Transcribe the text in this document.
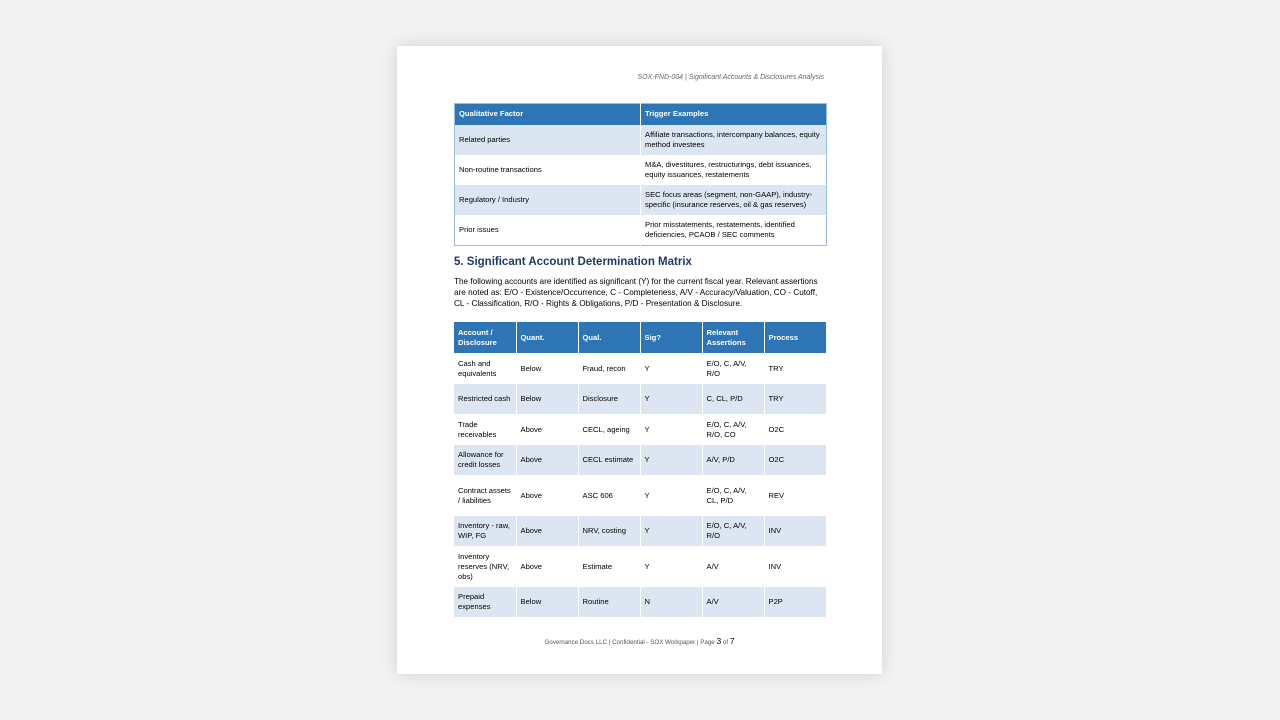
SOX-FND-004 | Significant Accounts & Disclosures Analysis
Qualitative Factor	Trigger Examples
Related parties	Affiliate transactions, intercompany balances, equity method investees
Non-routine transactions	M&A, divestitures, restructurings, debt issuances, equity issuances, restatements
Regulatory / Industry	SEC focus areas (segment, non-GAAP), industry-specific (insurance reserves, oil & gas reserves)
Prior issues	Prior misstatements, restatements, identified deficiencies, PCAOB / SEC comments
5. Significant Account Determination Matrix

The following accounts are identified as significant (Y) for the current fiscal year. Relevant assertions are noted as: E/O - Existence/Occurrence, C - Completeness, A/V - Accuracy/Valuation, CO - Cutoff, CL - Classification, R/O - Rights & Obligations, P/D - Presentation & Disclosure.

Account / Disclosure	Quant.	Qual.	Sig?	Relevant Assertions	Process
Cash and equivalents	Below	Fraud, recon	Y	E/O, C, A/V, R/O	TRY
Restricted cash	Below	Disclosure	Y	C, CL, P/D	TRY
Trade receivables	Above	CECL, ageing	Y	E/O, C, A/V, R/O, CO	O2C
Allowance for credit losses	Above	CECL estimate	Y	A/V, P/D	O2C
Contract assets / liabilities	Above	ASC 606	Y	E/O, C, A/V, CL, P/D	REV
Inventory - raw, WIP, FG	Above	NRV, costing	Y	E/O, C, A/V, R/O	INV
Inventory reserves (NRV, obs)	Above	Estimate	Y	A/V	INV
Prepaid expenses	Below	Routine	N	A/V	P2P
Governance Docs LLC | Confidential - SOX Workpaper | Page 3 of 7
